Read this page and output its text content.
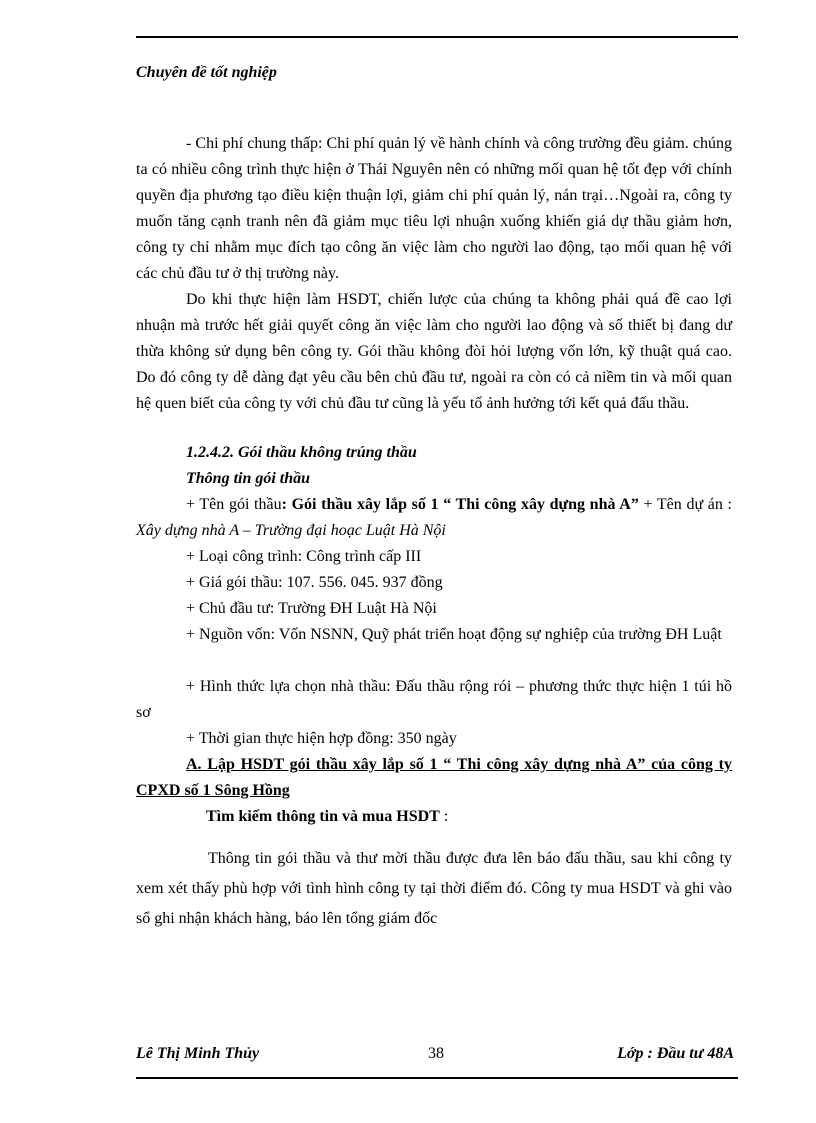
Chuyên đề tốt nghiệp
- Chi phí chung thấp: Chi phí quản lý về hành chính và công trường đều giảm. chúng ta có nhiều công trình thực hiện ở Thái Nguyên nên có những mối quan hệ tốt đẹp với chính quyền địa phương tạo điều kiện thuận lợi, giảm chi phí quản lý, nán trại…Ngoài ra, công ty muốn tăng cạnh tranh nên đã giảm mục tiêu lợi nhuận xuống khiến giá dự thầu giảm hơn, công ty chỉ nhằm mục đích tạo công ăn việc làm cho người lao động, tạo mối quan hệ với các chủ đầu tư ở thị trường này.
Do khi thực hiện làm HSDT, chiến lược của chúng ta không phải quá đề cao lợi nhuận mà trước hết giải quyết công ăn việc làm cho người lao động và số thiết bị đang dư thừa không sử dụng bên công ty. Gói thầu không đòi hỏi lượng vốn lớn, kỹ thuật quá cao. Do đó công ty dễ dàng đạt yêu cầu bên chủ đầu tư, ngoài ra còn có cả niềm tin và mối quan hệ quen biết của công ty với chủ đầu tư cũng là yếu tố ảnh hưởng tới kết quả đấu thầu.
1.2.4.2. Gói thầu không trúng thầu
Thông tin gói thầu
+ Tên gói thầu: Gói thầu xây lắp số 1 “ Thi công xây dựng nhà A” + Tên dự án : Xây dựng nhà A – Trường đại hoạc Luật Hà Nội
+ Loại công trình: Công trình cấp III
+ Giá gói thầu: 107. 556. 045. 937 đồng
+ Chủ đầu tư: Trường ĐH Luật Hà Nội
+ Nguồn vốn: Vốn NSNN, Quỹ phát triển hoạt động sự nghiệp của trường ĐH Luật
+ Hình thức lựa chọn nhà thầu: Đấu thầu rộng rói – phương thức thực hiện 1 túi hồ sơ
+ Thời gian thực hiện hợp đồng: 350 ngày
A. Lập HSDT gói thầu xây lắp số 1 “ Thi công xây dựng nhà A” của công ty CPXD số 1 Sông Hồng
Tìm kiếm thông tin và mua HSDT :
Thông tin gói thầu và thư mời thầu được đưa lên báo đấu thầu, sau khi công ty xem xét thấy phù hợp với tình hình công ty tại thời điểm đó. Công ty mua HSDT và ghi vào sổ ghi nhận khách hàng, báo lên tổng giám đốc
Lê Thị Minh Thủy	38	Lớp : Đầu tư 48A
